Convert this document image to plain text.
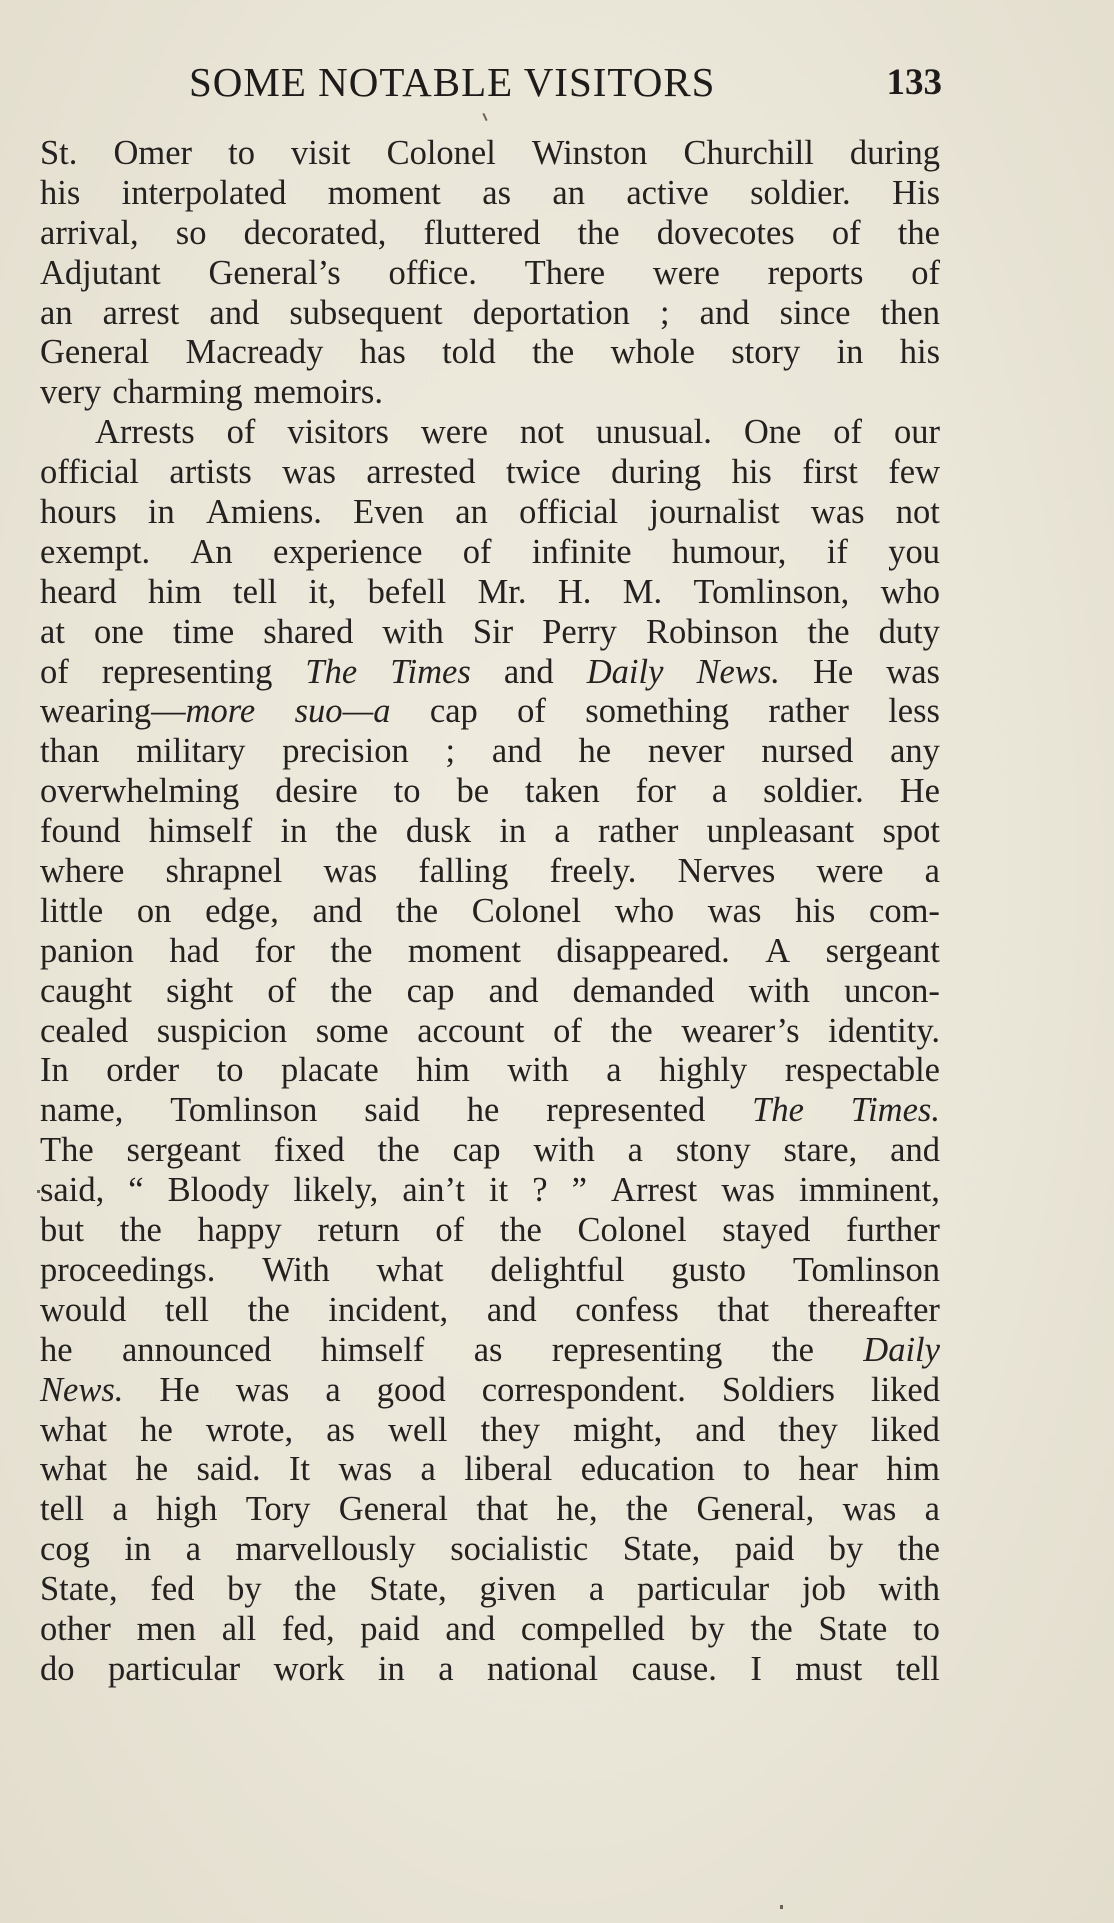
SOME NOTABLE VISITORS	133
St. Omer to visit Colonel Winston Churchill during
his interpolated moment as an active soldier. His
arrival, so decorated, fluttered the dovecotes of the
Adjutant General’s office. There were reports of
an arrest and subsequent deportation ; and since then
General Macready has told the whole story in his
very charming memoirs.
Arrests of visitors were not unusual. One of our
official artists was arrested twice during his first few
hours in Amiens. Even an official journalist was not
exempt. An experience of infinite humour, if you
heard him tell it, befell Mr. H. M. Tomlinson, who
at one time shared with Sir Perry Robinson the duty
of representing The Times and Daily News. He was
wearing—more suo—a cap of something rather less
than military precision ; and he never nursed any
overwhelming desire to be taken for a soldier. He
found himself in the dusk in a rather unpleasant spot
where shrapnel was falling freely. Nerves were a
little on edge, and the Colonel who was his com-
panion had for the moment disappeared. A sergeant
caught sight of the cap and demanded with uncon-
cealed suspicion some account of the wearer’s identity.
In order to placate him with a highly respectable
name, Tomlinson said he represented The Times.
The sergeant fixed the cap with a stony stare, and
said, “ Bloody likely, ain’t it ? ” Arrest was imminent,
but the happy return of the Colonel stayed further
proceedings. With what delightful gusto Tomlinson
would tell the incident, and confess that thereafter
he announced himself as representing the Daily
News. He was a good correspondent. Soldiers liked
what he wrote, as well they might, and they liked
what he said. It was a liberal education to hear him
tell a high Tory General that he, the General, was a
cog in a marvellously socialistic State, paid by the
State, fed by the State, given a particular job with
other men all fed, paid and compelled by the State to
do particular work in a national cause. I must tell
